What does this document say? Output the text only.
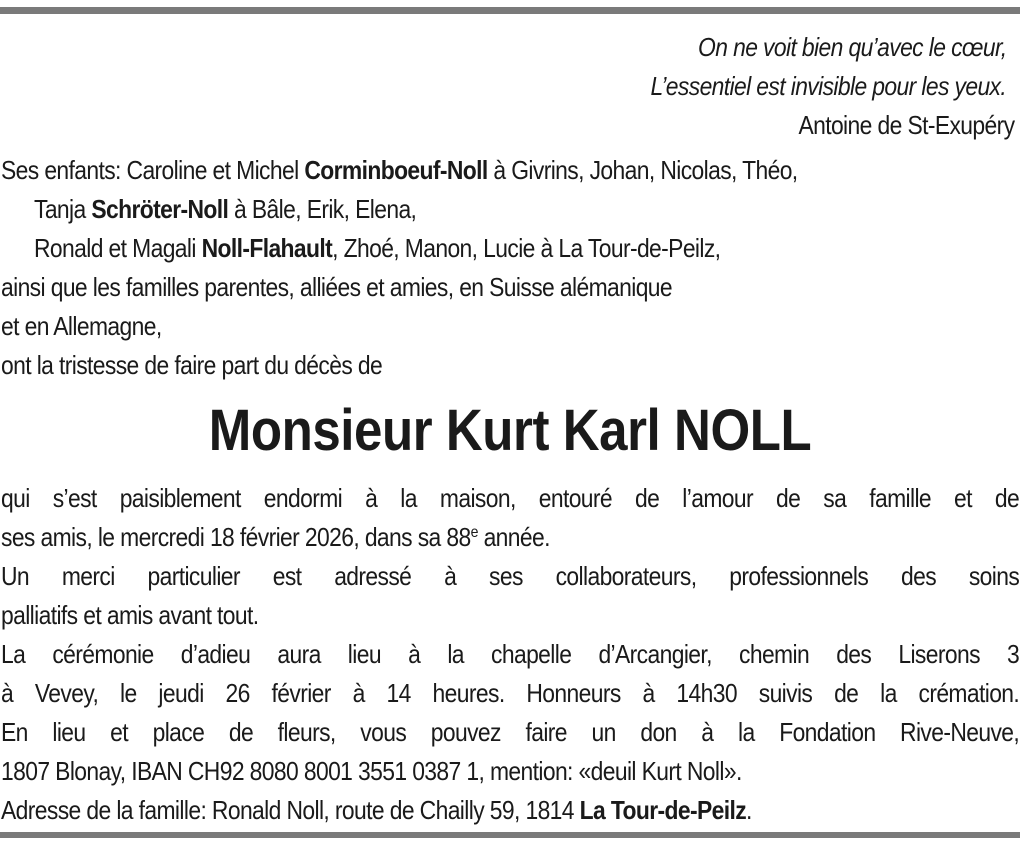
On ne voit bien qu’avec le cœur,
L’essentiel est invisible pour les yeux.
Antoine de St-Exupéry
Ses enfants: Caroline et Michel Corminboeuf-Noll à Givrins, Johan, Nicolas, Théo,
Tanja Schröter-Noll à Bâle, Erik, Elena,
Ronald et Magali Noll-Flahault, Zhoé, Manon, Lucie à La Tour-de-Peilz,
ainsi que les familles parentes, alliées et amies, en Suisse alémanique
et en Allemagne,
ont la tristesse de faire part du décès de
Monsieur Kurt Karl NOLL
qui s’est paisiblement endormi à la maison, entouré de l’amour de sa famille et de
ses amis, le mercredi 18 février 2026, dans sa 88e année.
Un merci particulier est adressé à ses collaborateurs, professionnels des soins
palliatifs et amis avant tout.
La cérémonie d’adieu aura lieu à la chapelle d’Arcangier, chemin des Liserons 3
à Vevey, le jeudi 26 février à 14 heures. Honneurs à 14h30 suivis de la crémation.
En lieu et place de fleurs, vous pouvez faire un don à la Fondation Rive-Neuve,
1807 Blonay, IBAN CH92 8080 8001 3551 0387 1, mention: «deuil Kurt Noll».
Adresse de la famille: Ronald Noll, route de Chailly 59, 1814 La Tour-de-Peilz.
